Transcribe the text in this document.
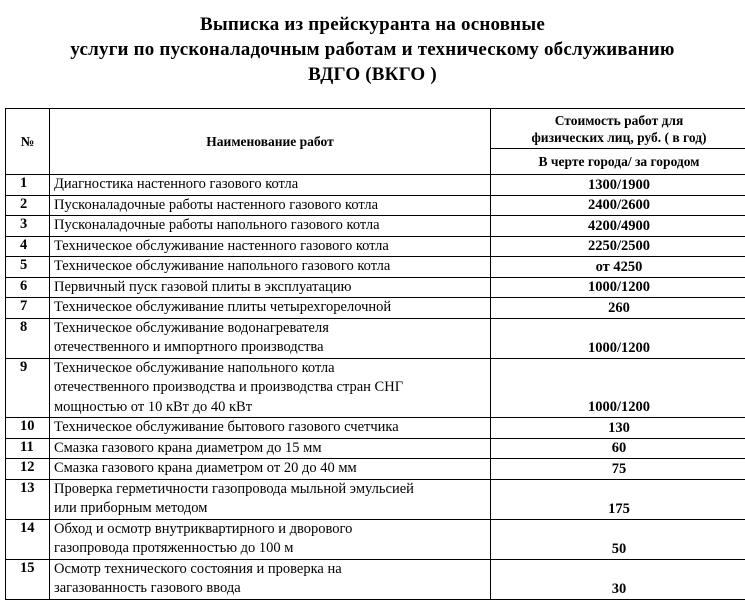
Выписка из прейскуранта на основные
услуги по пусконаладочным работам и техническому обслуживанию
ВДГО (ВКГО )
№	Наименование работ	Стоимость работ для
физических лиц, руб. ( в год)

		В черте города/ за городом
1	Диагностика настенного газового котла	1300/1900
2	Пусконаладочные работы настенного газового котла	2400/2600
3	Пусконаладочные работы напольного газового котла	4200/4900
4	Техническое обслуживание настенного газового котла	2250/2500
5	Техническое обслуживание напольного газового котла	от 4250
6	Первичный пуск газовой плиты в эксплуатацию	1000/1200
7	Техническое обслуживание плиты четырехгорелочной	260
8	Техническое обслуживание водонагревателя
отечественного и импортного производства	1000/1200
9	Техническое обслуживание напольного котла
отечественного производства и производства стран СНГ
мощностью от 10 кВт до 40 кВт	1000/1200
10	Техническое обслуживание бытового газового счетчика	130
11	Смазка газового крана диаметром до 15 мм	60
12	Смазка газового крана диаметром от 20 до 40 мм	75
13	Проверка герметичности газопровода мыльной эмульсией
или приборным методом	175
14	Обход и осмотр внутриквартирного и дворового
газопровода протяженностью до 100 м	50
15	Осмотр технического состояния и проверка на
загазованность газового ввода	30
